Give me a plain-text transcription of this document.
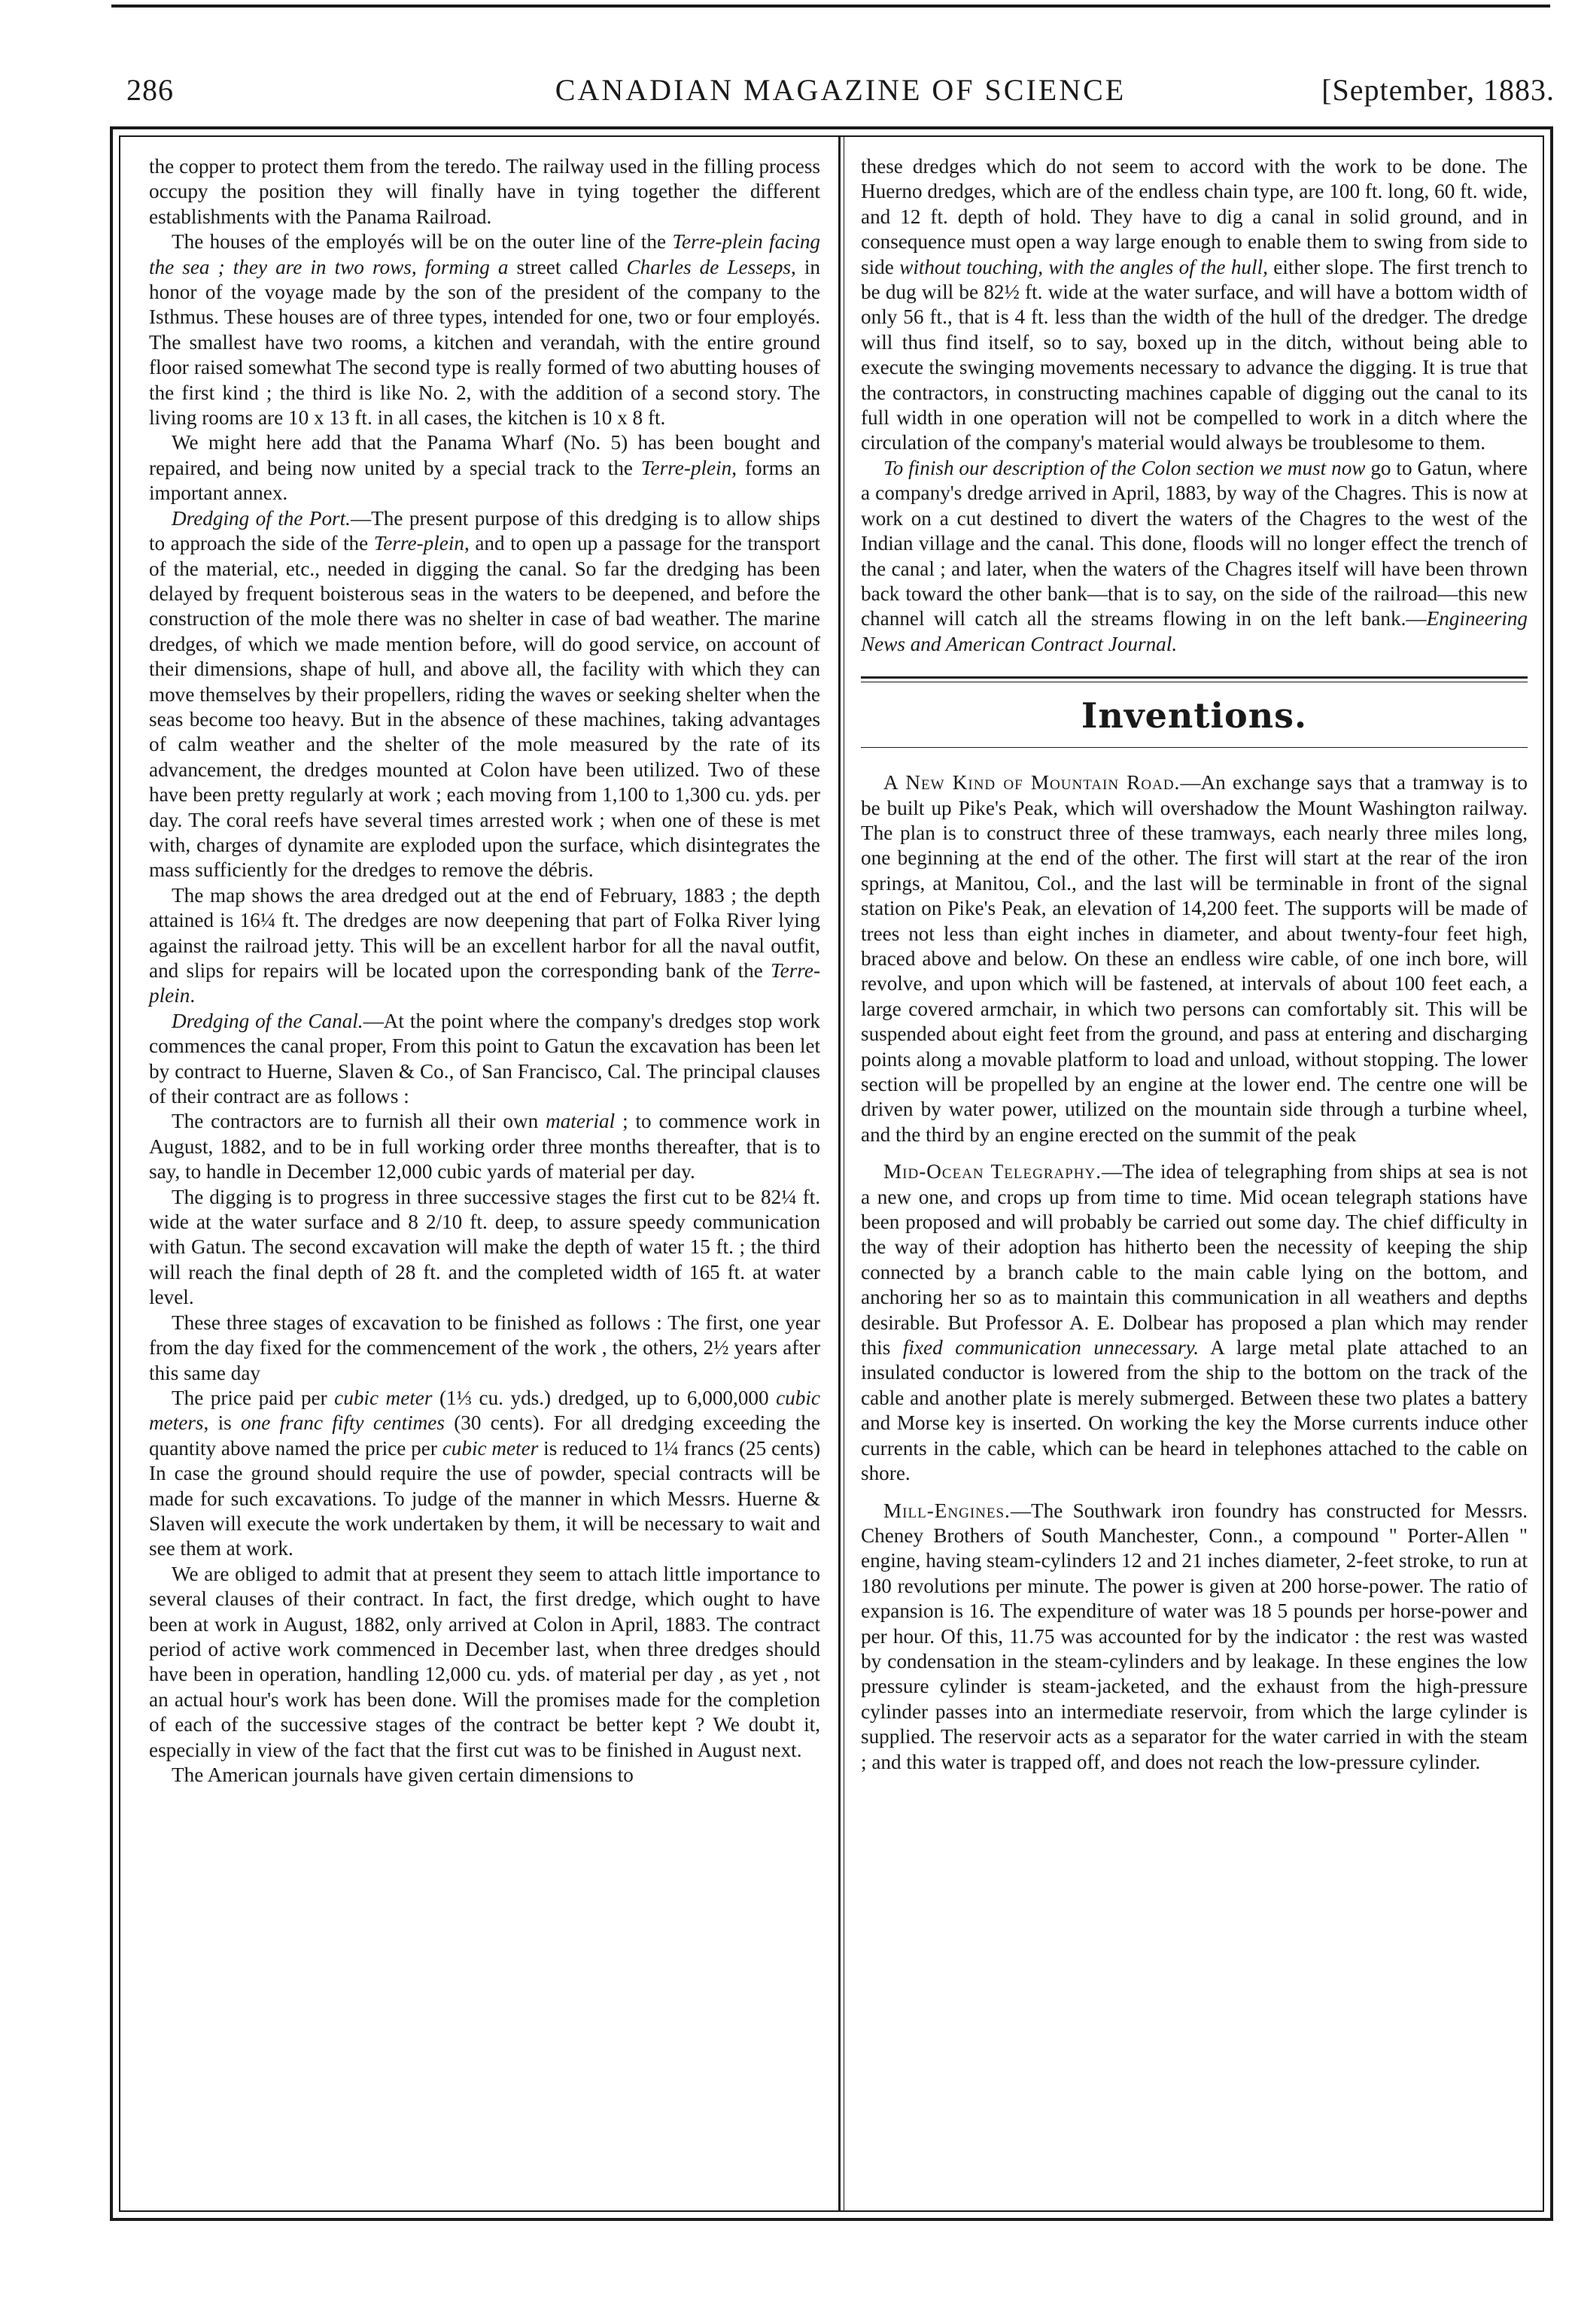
286	CANADIAN MAGAZINE OF SCIENCE	[September, 1883.

the copper to protect them from the teredo. The railway used in the filling process occupy the position they will finally have in tying together the different establishments with the Panama Railroad.

The houses of the employés will be on the outer line of the Terre-plein facing the sea ; they are in two rows, forming a street called Charles de Lesseps, in honor of the voyage made by the son of the president of the company to the Isthmus. These houses are of three types, intended for one, two or four employés. The smallest have two rooms, a kitchen and verandah, with the entire ground floor raised somewhat The second type is really formed of two abutting houses of the first kind ; the third is like No. 2, with the addition of a second story. The living rooms are 10 x 13 ft. in all cases, the kitchen is 10 x 8 ft.

We might here add that the Panama Wharf (No. 5) has been bought and repaired, and being now united by a special track to the Terre-plein, forms an important annex.

Dredging of the Port.—The present purpose of this dredging is to allow ships to approach the side of the Terre-plein, and to open up a passage for the transport of the material, etc., needed in digging the canal. So far the dredging has been delayed by frequent boisterous seas in the waters to be deepened, and before the construction of the mole there was no shelter in case of bad weather. The marine dredges, of which we made mention before, will do good service, on account of their dimensions, shape of hull, and above all, the facility with which they can move themselves by their propellers, riding the waves or seeking shelter when the seas become too heavy. But in the absence of these machines, taking advantages of calm weather and the shelter of the mole measured by the rate of its advancement, the dredges mounted at Colon have been utilized. Two of these have been pretty regularly at work ; each moving from 1,100 to 1,300 cu. yds. per day. The coral reefs have several times arrested work ; when one of these is met with, charges of dynamite are exploded upon the surface, which disintegrates the mass sufficiently for the dredges to remove the débris.

The map shows the area dredged out at the end of February, 1883 ; the depth attained is 16¼ ft. The dredges are now deepening that part of Folka River lying against the railroad jetty. This will be an excellent harbor for all the naval outfit, and slips for repairs will be located upon the corresponding bank of the Terre-plein.

Dredging of the Canal.—At the point where the company's dredges stop work commences the canal proper, From this point to Gatun the excavation has been let by contract to Huerne, Slaven & Co., of San Francisco, Cal. The principal clauses of their contract are as follows :

The contractors are to furnish all their own material ; to commence work in August, 1882, and to be in full working order three months thereafter, that is to say, to handle in December 12,000 cubic yards of material per day.

The digging is to progress in three successive stages the first cut to be 82¼ ft. wide at the water surface and 8 2/10 ft. deep, to assure speedy communication with Gatun. The second excavation will make the depth of water 15 ft. ; the third will reach the final depth of 28 ft. and the completed width of 165 ft. at water level.

These three stages of excavation to be finished as follows : The first, one year from the day fixed for the commencement of the work , the others, 2½ years after this same day

The price paid per cubic meter (1⅓ cu. yds.) dredged, up to 6,000,000 cubic meters, is one franc fifty centimes (30 cents). For all dredging exceeding the quantity above named the price per cubic meter is reduced to 1¼ francs (25 cents) In case the ground should require the use of powder, special contracts will be made for such excavations. To judge of the manner in which Messrs. Huerne & Slaven will execute the work undertaken by them, it will be necessary to wait and see them at work.

We are obliged to admit that at present they seem to attach little importance to several clauses of their contract. In fact, the first dredge, which ought to have been at work in August, 1882, only arrived at Colon in April, 1883. The contract period of active work commenced in December last, when three dredges should have been in operation, handling 12,000 cu. yds. of material per day , as yet , not an actual hour's work has been done. Will the promises made for the completion of each of the successive stages of the contract be better kept ? We doubt it, especially in view of the fact that the first cut was to be finished in August next.

The American journals have given certain dimensions to

these dredges which do not seem to accord with the work to be done. The Huerno dredges, which are of the endless chain type, are 100 ft. long, 60 ft. wide, and 12 ft. depth of hold. They have to dig a canal in solid ground, and in consequence must open a way large enough to enable them to swing from side to side without touching, with the angles of the hull, either slope. The first trench to be dug will be 82½ ft. wide at the water surface, and will have a bottom width of only 56 ft., that is 4 ft. less than the width of the hull of the dredger. The dredge will thus find itself, so to say, boxed up in the ditch, without being able to execute the swinging movements necessary to advance the digging. It is true that the contractors, in constructing machines capable of digging out the canal to its full width in one operation will not be compelled to work in a ditch where the circulation of the company's material would always be troublesome to them.

To finish our description of the Colon section we must now go to Gatun, where a company's dredge arrived in April, 1883, by way of the Chagres. This is now at work on a cut destined to divert the waters of the Chagres to the west of the Indian village and the canal. This done, floods will no longer effect the trench of the canal ; and later, when the waters of the Chagres itself will have been thrown back toward the other bank—that is to say, on the side of the railroad—this new channel will catch all the streams flowing in on the left bank.—Engineering News and American Contract Journal.

Inventions.

A New Kind of Mountain Road.—An exchange says that a tramway is to be built up Pike's Peak, which will overshadow the Mount Washington railway. The plan is to construct three of these tramways, each nearly three miles long, one beginning at the end of the other. The first will start at the rear of the iron springs, at Manitou, Col., and the last will be terminable in front of the signal station on Pike's Peak, an elevation of 14,200 feet. The supports will be made of trees not less than eight inches in diameter, and about twenty-four feet high, braced above and below. On these an endless wire cable, of one inch bore, will revolve, and upon which will be fastened, at intervals of about 100 feet each, a large covered armchair, in which two persons can comfortably sit. This will be suspended about eight feet from the ground, and pass at entering and discharging points along a movable platform to load and unload, without stopping. The lower section will be propelled by an engine at the lower end. The centre one will be driven by water power, utilized on the mountain side through a turbine wheel, and the third by an engine erected on the summit of the peak

Mid-Ocean Telegraphy.—The idea of telegraphing from ships at sea is not a new one, and crops up from time to time. Mid ocean telegraph stations have been proposed and will probably be carried out some day. The chief difficulty in the way of their adoption has hitherto been the necessity of keeping the ship connected by a branch cable to the main cable lying on the bottom, and anchoring her so as to maintain this communication in all weathers and depths desirable. But Professor A. E. Dolbear has proposed a plan which may render this fixed communication unnecessary. A large metal plate attached to an insulated conductor is lowered from the ship to the bottom on the track of the cable and another plate is merely submerged. Between these two plates a battery and Morse key is inserted. On working the key the Morse currents induce other currents in the cable, which can be heard in telephones attached to the cable on shore.

Mill-Engines.—The Southwark iron foundry has constructed for Messrs. Cheney Brothers of South Manchester, Conn., a compound " Porter-Allen " engine, having steam-cylinders 12 and 21 inches diameter, 2-feet stroke, to run at 180 revolutions per minute. The power is given at 200 horse-power. The ratio of expansion is 16. The expenditure of water was 18 5 pounds per horse-power and per hour. Of this, 11.75 was accounted for by the indicator : the rest was wasted by condensation in the steam-cylinders and by leakage. In these engines the low pressure cylinder is steam-jacketed, and the exhaust from the high-pressure cylinder passes into an intermediate reservoir, from which the large cylinder is supplied. The reservoir acts as a separator for the water carried in with the steam ; and this water is trapped off, and does not reach the low-pressure cylinder.
